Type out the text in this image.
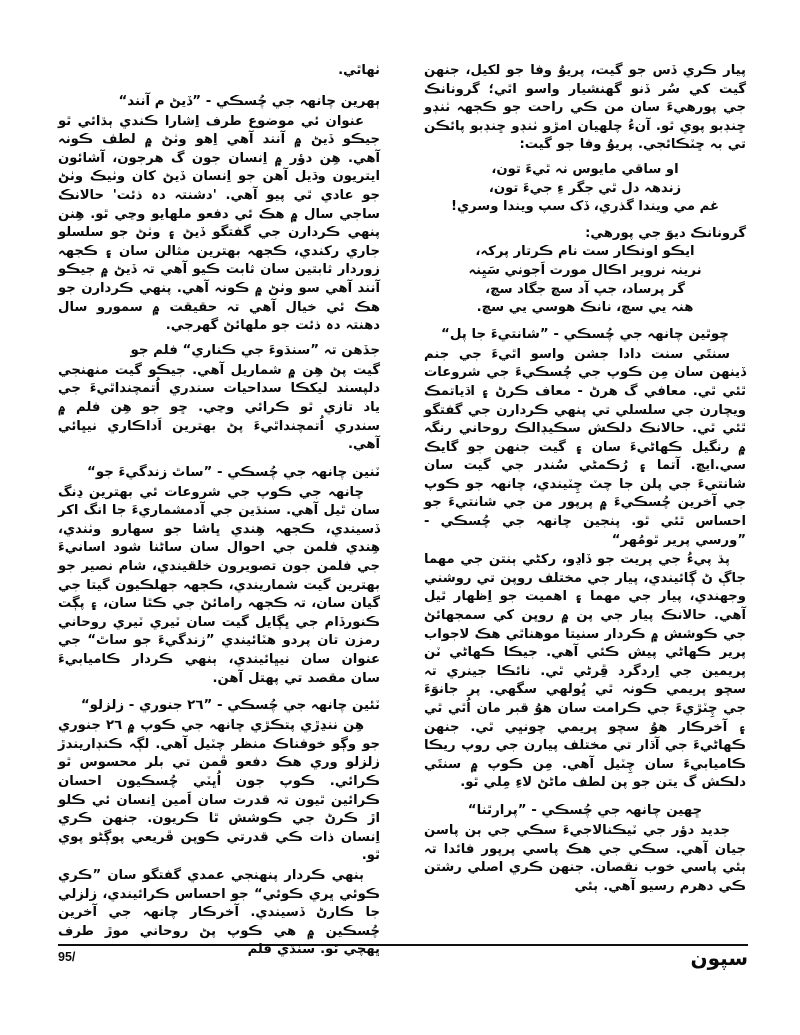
ٺهاٿي.

ٻهرين چانهہ جي چُسڪي - ”ڏيڻ م آنند“

عنوان ئي موضوع طرف اِشارا ڪندي ٻڌائي ٿو جيڪو ڏيڻ ۾ آنند آهي اِهو وٺڻ ۾ لطف ڪونہ آهي. هِن دؤر ۾ اِنسان جون گ هرجون، آشائون ايتريون وڌيل آهن جو اِنسان ڏيڻ کان وٺيڪ وٺڻ جو عادي ٿي پيو آهي. 'دشنتہ دہ ذئت' حالانڪ ساجي سال ۾ هڪ ئي دفعو ملهايو وڃي ٿو. هِنن پنهي ڪردارن جي گفتگو ڏيڻ ۽ وٺڻ جو سلسلو جاري رکندي، ڪجهہ بهترين مثالن سان ۽ ڪجهہ زوردار ثابتين سان ثابت ڪيو آهي تہ ڏيڻ ۾ جيڪو آنند آهي سو وٺڻ ۾ ڪونہ آهي. پنهي ڪردارن جو هڪ ئي خيال آهي تہ حقيقت ۾ سمورو سال دهنتہ دہ ذئت جو ملهائڻ گهرجي.

جڏهن تہ ”سنڌوءَ جي ڪناري“ فلم جو

گيت پڻ هِن ۾ شماريل آهي. جيڪو گيت منهنجي دلپسند ليکڪا سداحيات سندري اُتمچنداٿيءَ جي ياد تازي ٿو ڪرائي وڃي. ڇو جو هِن فلم ۾ سندري اُتمچنداٿيءَ پڻ بهترين اَداڪاري نيڀائي آهي.

ٽنين چانهہ جي چُسڪي - ”ساٿ زندگيءَ جو“

چانهہ جي ڪوپ جي شروعات ئي بهترين ڍنگ سان ٿيل آهي. سنڌين جي آدمشماريءَ جا انگ اکر ڏسيندي، ڪجهہ هِندي ڀاشا جو سهارو وٺندي، هِندي فلمن جي احوال سان ساڻنا شود اسانيءَ جي فلمن جون تصويرون خلقيندي، شام نصير جو بهترين گيت شماريندي، ڪجهہ جهلڪيون گيتا جي گيان سان، تہ ڪجهہ رامائڻ جي ڪٿا سان، ۽ پڳت ڪنورڏام جي ڀڳايل گيت سان ٽيري ٽيري روحاني رمزن تان پردو هٽائيندي ”زندگيءَ جو ساٿ“ جي عنوان سان نيڀائيندي، ٻنهي ڪردار ڪاميابيءَ سان مقصد تي پهتل آهن.

ٽئين چانهہ جي چُسڪي - ”٢٦ جنوري - زلزلو“

هِن ننڍڙي پتڪڙي چانهہ جي ڪوپ ۾ ٢٦ جنوري جو وڳو خوفناڪ منظر چٽيل آهي. لڳہ ڪنڊاريندڙ زلزلو وري هڪ دفعو ڦمن تي بلر محسوس ٿو ڪرائي. ڪوپ جون اُڀٽي چُسڪيون احسان ڪرائين ٿيون تہ قدرت سان اَمين اِنسان ئي ڪلو اڙ ڪرڻ جي ڪوشش ٿا ڪريون. جنهن ڪري اِنسان ذات ڪي قدرتي ڪوپن ڦريعي پوڳڻو پوي ٿو.

ٻنهي ڪردار پنهنجي عمدي گفتگو سان ”ڪري ڪوئي ڀري ڪوئي“ جو احساس ڪرائيندي، زلزلي جا ڪارڻ ڏسيندي. آخرڪار چانهہ جي آخرين چُسڪين ۾ هي ڪوپ پڻ روحاني موڙ طرف ڀهچي ٿو. سنڌي فلم

پيار ڪري ڏس جو گيت، پريوُ وفا جو لکيل، جنهن گيت کي سُر ڏنو گهنشيار واسو اٿي؛ گرونانڪ جي پورهيءَ سان من ڪي راحت جو ڪجهہ ٺنڊو ڇنڊبو پوي ٿو. آنءُ چلهيان امڙو ٺنڊو ڇنڊبو پائڪن تي بہ ڇٽڪائجي. پريوُ وفا جو گيت:

او ساقي مايوس نہ ٿيءَ تون،

زندهہ دل ٿي جگر ءِ جيءَ تون،

غم مي ويندا گذري، ڏک سپ ويندا وسري!

گرونانڪ ديوَ جي پورهي:

ايڪو اونڪار ست نام ڪرتار پرکہ،

نرينہ نروير اڪال مورت اَجوني سَيِنہ

گر پرساد، جپ آد سچ جگاد سچ،

هنہ يي سچ، نانڪ هوسي يي سچ.

چوٿين چانهہ جي چُسڪي - ”شانتيءَ جا پل“

سنتَي سنت دادا جشن واسو اٿيءَ جي جنم ڏينهن سان مِن ڪوپ جي چُسڪيءَ جي شروعات ٿئي ٿي. معافي گ هرڻ - معاف ڪرڻ ۽ اڌياتمڪ ويچارن جي سلسلي تي پنهي ڪردارن جي گفتگو ٿئي ٿي. حالانڪ دلڪش سڪيڊالڪ روحاني رنگہ ۾ رنگيل ڪهاڻيءَ سان ۽ گيت جنهن جو گايڪ سي.ايڇ. آتما ۽ رُڪمڻي سُندر جي گيت سان شانتيءَ جي پلن جا چٽ چِٽيندي، چانهہ جو ڪوپ جي آخرين چُسڪيءَ ۾ پرپور من جي شانتيءَ جو احساس ٿئي ٿو. پنجين چانهہ جي چُسڪي - ”ورسي پرير ٿومُهر“

پڌ پيءُ جي پريت جو ڏاڍو، رکڻي ٻنتن جي مهما جاڳ ڻ ڳائيندي، پيار جي مختلف روپن تي روشني وجهندي، پيار جي مهما ۽ اهميت جو اِظهار ٿيل آهي. حالانڪ پيار جي پن ۾ روپن کي سمجهائڻ جي ڪوشش ۾ ڪردار سنيتا موهناٿي هڪ لاجواب پرير ڪهاڻي پيش ڪئي آهي. جيڪا ڪهاڻي ٽن پريمين جي اِردگرد ڦِرڻي ٿي. نائڪا جينري تہ سچو پريمي ڪونہ ٿي ڀُولهي سگهي. پر جانوَءَ جي چِٽڙيءَ جي ڪرامت سان هوُ قبر مان اُٿي ٿي ۽ آخرڪار هوُ سچو پريمي چونڀي ٿي. جنهن ڪهاڻيءَ جي آڌار تي مختلف پيارن جي روپ ريڪا ڪاميابيءَ سان چِٽيل آهي. مِن ڪوپ ۾ سنتَي دلڪش گ يتن جو پن لطف ماڻڻ لاءِ مِلي ٿو.

ڇهين چانهہ جي چُسڪي - ”پرارٿنا“

جديد دؤر جي ٽيڪنالاجيءَ سڪي جي ٻن پاسن جيان آهي. سڪي جي هڪ پاسي پرپور فائدا تہ ٻئي پاسي خوب نقصان. جنهن ڪري اصلي رشتن ڪي دهرم رسيو آهي. ٻئي

95/	سپون
